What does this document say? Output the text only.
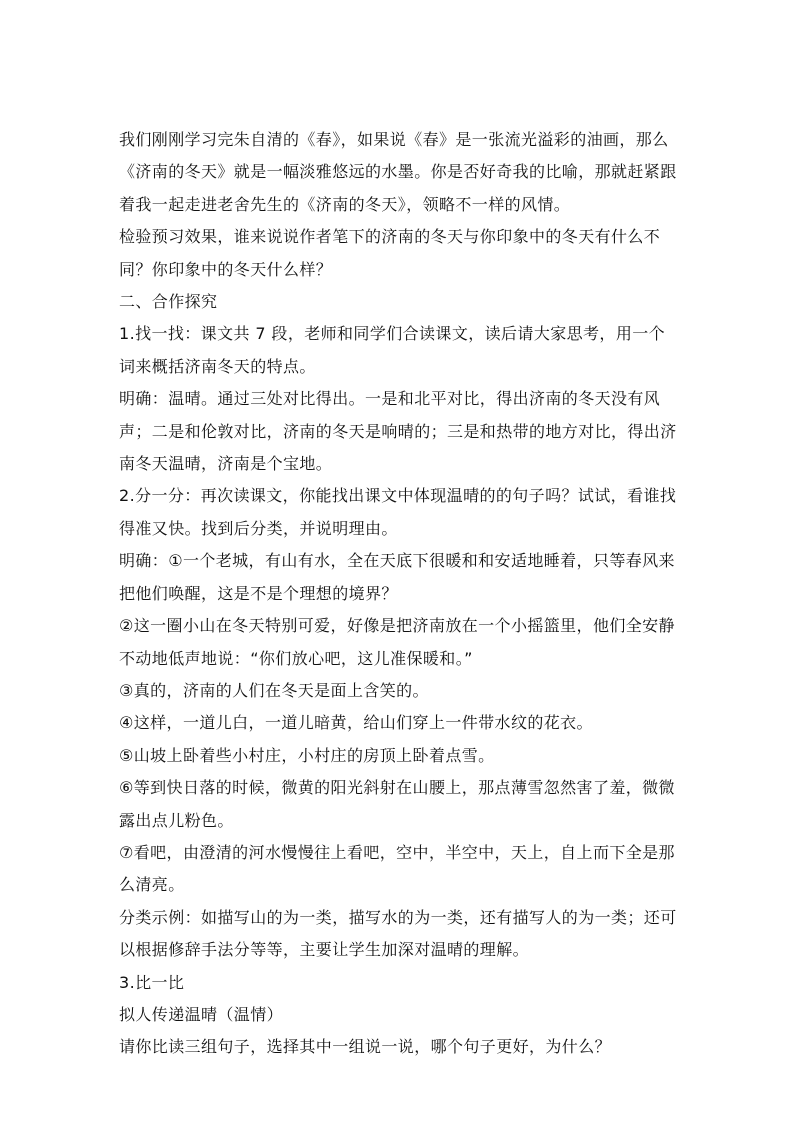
我们刚刚学习完朱自清的《春》，如果说《春》是一张流光溢彩的油画，那么《济南的冬天》就是一幅淡雅悠远的水墨。你是否好奇我的比喻，那就赶紧跟着我一起走进老舍先生的《济南的冬天》，领略不一样的风情。

检验预习效果，谁来说说作者笔下的济南的冬天与你印象中的冬天有什么不同？你印象中的冬天什么样？

二、合作探究

1.找一找：课文共 7 段，老师和同学们合读课文，读后请大家思考，用一个词来概括济南冬天的特点。

明确：温晴。通过三处对比得出。一是和北平对比，得出济南的冬天没有风声；二是和伦敦对比，济南的冬天是响晴的；三是和热带的地方对比，得出济南冬天温晴，济南是个宝地。

2.分一分：再次读课文，你能找出课文中体现温晴的的句子吗？试试，看谁找得准又快。找到后分类，并说明理由。

明确：①一个老城，有山有水，全在天底下很暖和和安适地睡着，只等春风来把他们唤醒，这是不是个理想的境界？

②这一圈小山在冬天特别可爱，好像是把济南放在一个小摇篮里，他们全安静不动地低声地说：“你们放心吧，这儿准保暖和。”

③真的，济南的人们在冬天是面上含笑的。

④这样，一道儿白，一道儿暗黄，给山们穿上一件带水纹的花衣。

⑤山坡上卧着些小村庄，小村庄的房顶上卧着点雪。

⑥等到快日落的时候，微黄的阳光斜射在山腰上，那点薄雪忽然害了羞，微微露出点儿粉色。

⑦看吧，由澄清的河水慢慢往上看吧，空中，半空中，天上，自上而下全是那么清亮。

分类示例：如描写山的为一类，描写水的为一类，还有描写人的为一类；还可以根据修辞手法分等等，主要让学生加深对温晴的理解。

3.比一比

拟人传递温晴（温情）

请你比读三组句子，选择其中一组说一说，哪个句子更好，为什么？
